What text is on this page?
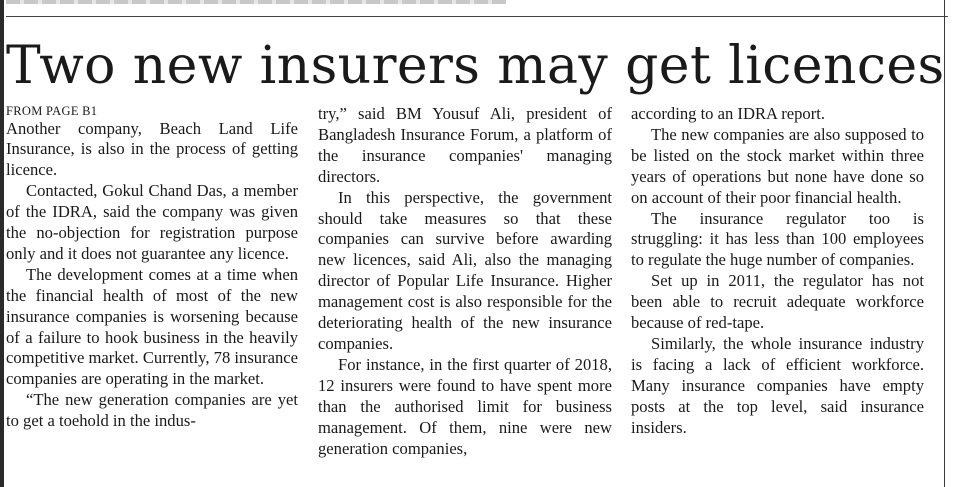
Two new insurers may get licences
FROM PAGE B1

Another company, Beach Land Life Insurance, is also in the process of getting licence.

Contacted, Gokul Chand Das, a member of the IDRA, said the company was given the no-objection for registration purpose only and it does not guarantee any licence.

The development comes at a time when the financial health of most of the new insurance companies is worsening because of a failure to hook business in the heavily competitive market. Currently, 78 insurance companies are operating in the market.

“The new generation companies are yet to get a toehold in the indus-

try,” said BM Yousuf Ali, president of Bangladesh Insurance Forum, a platform of the insurance companies' managing directors.

In this perspective, the government should take measures so that these companies can survive before awarding new licences, said Ali, also the managing director of Popular Life Insurance. Higher management cost is also responsible for the deteriorating health of the new insurance companies.

For instance, in the first quarter of 2018, 12 insurers were found to have spent more than the authorised limit for business management. Of them, nine were new generation companies,

according to an IDRA report.

The new companies are also supposed to be listed on the stock market within three years of operations but none have done so on account of their poor financial health.

The insurance regulator too is struggling: it has less than 100 employees to regulate the huge number of companies.

Set up in 2011, the regulator has not been able to recruit adequate workforce because of red-tape.

Similarly, the whole insurance industry is facing a lack of efficient workforce. Many insurance companies have empty posts at the top level, said insurance insiders.
